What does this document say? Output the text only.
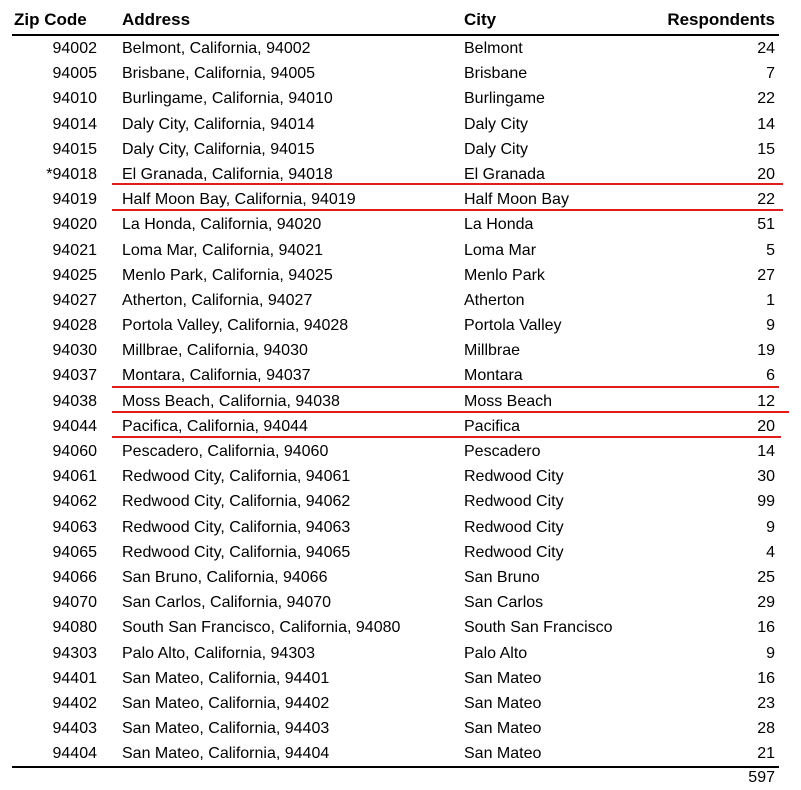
Zip Code Address	City	Respondents
94002 Belmont, California, 94002	Belmont	24
94005 Brisbane, California, 94005	Brisbane	7
94010 Burlingame, California, 94010	Burlingame	22
94014 Daly City, California, 94014	Daly City	14
94015 Daly City, California, 94015	Daly City	15
*94018 El Granada, California, 94018	El Granada	20
94019 Half Moon Bay, California, 94019	Half Moon Bay	22
94020 La Honda, California, 94020	La Honda	51
94021 Loma Mar, California, 94021	Loma Mar	5
94025 Menlo Park, California, 94025	Menlo Park	27
94027 Atherton, California, 94027	Atherton	1
94028 Portola Valley, California, 94028	Portola Valley	9
94030 Millbrae, California, 94030	Millbrae	19
94037 Montara, California, 94037	Montara	6
94038 Moss Beach, California, 94038	Moss Beach	12
94044 Pacifica, California, 94044	Pacifica	20
94060 Pescadero, California, 94060	Pescadero	14
94061 Redwood City, California, 94061	Redwood City	30
94062 Redwood City, California, 94062	Redwood City	99
94063 Redwood City, California, 94063	Redwood City	9
94065 Redwood City, California, 94065	Redwood City	4
94066 San Bruno, California, 94066	San Bruno	25
94070 San Carlos, California, 94070	San Carlos	29
94080 South San Francisco, California, 94080	South San Francisco	16
94303 Palo Alto, California, 94303	Palo Alto	9
94401 San Mateo, California, 94401	San Mateo	16
94402 San Mateo, California, 94402	San Mateo	23
94403 San Mateo, California, 94403	San Mateo	28
94404 San Mateo, California, 94404	San Mateo	21
597
